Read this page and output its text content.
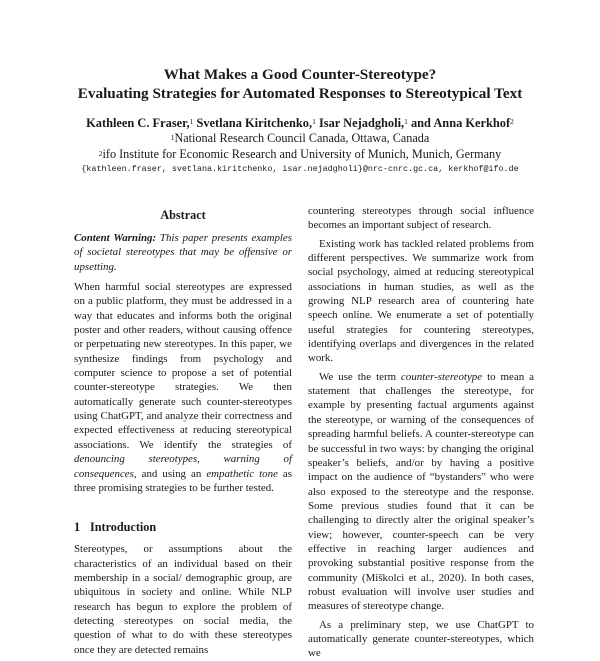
What Makes a Good Counter-Stereotype?
Evaluating Strategies for Automated Responses to Stereotypical Text
Kathleen C. Fraser,$^1$ Svetlana Kiritchenko,$^1$ Isar Nejadgholi,$^1$ and Anna Kerkhof$^2$
$^1$National Research Council Canada, Ottawa, Canada
$^2$ifo Institute for Economic Research and University of Munich, Munich, Germany
{kathleen.fraser, svetlana.kiritchenko, isar.nejadgholi}@nrc-cnrc.gc.ca, kerkhof@ifo.de
Abstract

Content Warning: This paper presents examples of societal stereotypes that may be offensive or upsetting.

When harmful social stereotypes are expressed on a public platform, they must be addressed in a way that educates and informs both the original poster and other readers, without causing offence or perpetuating new stereotypes. In this paper, we synthesize findings from psychology and computer science to propose a set of potential counter-stereotype strategies. We then automatically generate such counter-stereotypes using ChatGPT, and analyze their correctness and expected effectiveness at reducing stereotypical associations. We identify the strategies of denouncing stereotypes, warning of consequences, and using an empathetic tone as three promising strategies to be further tested.

1 Introduction

Stereotypes, or assumptions about the characteristics of an individual based on their membership in a social/ demographic group, are ubiquitous in society and online. While NLP research has begun to explore the problem of detecting stereotypes on social media, the question of what to do with these stereotypes once they are detected remains

countering stereotypes through social influence becomes an important subject of research.

Existing work has tackled related problems from different perspectives. We summarize work from social psychology, aimed at reducing stereotypical associations in human studies, as well as the growing NLP research area of countering hate speech online. We enumerate a set of potentially useful strategies for countering stereotypes, identifying overlaps and divergences in the related work.

We use the term counter-stereotype to mean a statement that challenges the stereotype, for example by presenting factual arguments against the stereotype, or warning of the consequences of spreading harmful beliefs. A counter-stereotype can be successful in two ways: by changing the original speaker’s beliefs, and/or by having a positive impact on the audience of “bystanders” who were also exposed to the stereotype and the response. Some previous studies found that it can be challenging to directly alter the original speaker’s view; however, counter-speech can be very effective in reaching larger audiences and provoking substantial positive response from the community (Miškolci et al., 2020). In both cases, robust evaluation will involve user studies and measures of stereotype change.

As a preliminary step, we use ChatGPT to automatically generate counter-stereotypes, which we
